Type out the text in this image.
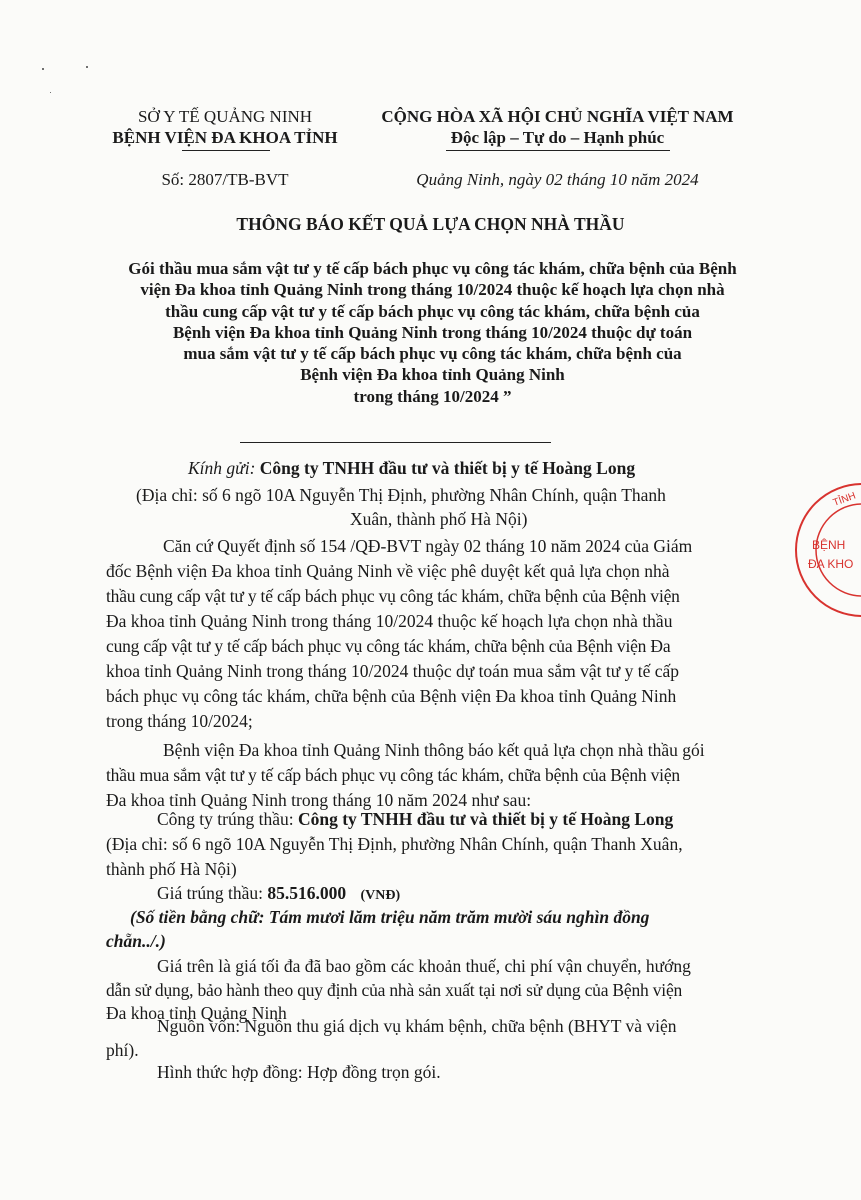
SỞ Y TẾ QUẢNG NINH
BỆNH VIỆN ĐA KHOA TỈNH
Số: 2807/TB-BVT
CỘNG HÒA XÃ HỘI CHỦ NGHĨA VIỆT NAM
Độc lập – Tự do – Hạnh phúc
Quảng Ninh, ngày 02 tháng 10 năm 2024
THÔNG BÁO KẾT QUẢ LỰA CHỌN NHÀ THẦU
Gói thầu mua sắm vật tư y tế cấp bách phục vụ công tác khám, chữa bệnh của Bệnh
viện Đa khoa tỉnh Quảng Ninh trong tháng 10/2024 thuộc kế hoạch lựa chọn nhà
thầu cung cấp vật tư y tế cấp bách phục vụ công tác khám, chữa bệnh của
Bệnh viện Đa khoa tỉnh Quảng Ninh trong tháng 10/2024 thuộc dự toán
mua sắm vật tư y tế cấp bách phục vụ công tác khám, chữa bệnh của
Bệnh viện Đa khoa tỉnh Quảng Ninh
trong tháng 10/2024 ”
Kính gửi: Công ty TNHH đầu tư và thiết bị y tế Hoàng Long
(Địa chỉ: số 6 ngõ 10A Nguyễn Thị Định, phường Nhân Chính, quận Thanh
Xuân, thành phố Hà Nội)
Căn cứ Quyết định số 154 /QĐ-BVT ngày 02 tháng 10 năm 2024 của Giám
đốc Bệnh viện Đa khoa tỉnh Quảng Ninh về việc phê duyệt kết quả lựa chọn nhà
thầu cung cấp vật tư y tế cấp bách phục vụ công tác khám, chữa bệnh của Bệnh viện
Đa khoa tỉnh Quảng Ninh trong tháng 10/2024 thuộc kế hoạch lựa chọn nhà thầu
cung cấp vật tư y tế cấp bách phục vụ công tác khám, chữa bệnh của Bệnh viện Đa
khoa tỉnh Quảng Ninh trong tháng 10/2024 thuộc dự toán mua sắm vật tư y tế cấp
bách phục vụ công tác khám, chữa bệnh của Bệnh viện Đa khoa tỉnh Quảng Ninh
trong tháng 10/2024;
Bệnh viện Đa khoa tỉnh Quảng Ninh thông báo kết quả lựa chọn nhà thầu gói
thầu mua sắm vật tư y tế cấp bách phục vụ công tác khám, chữa bệnh của Bệnh viện
Đa khoa tỉnh Quảng Ninh trong tháng 10 năm 2024 như sau:
Công ty trúng thầu: Công ty TNHH đầu tư và thiết bị y tế Hoàng Long
(Địa chỉ: số 6 ngõ 10A Nguyễn Thị Định, phường Nhân Chính, quận Thanh Xuân,
thành phố Hà Nội)
Giá trúng thầu: 85.516.000 (VNĐ)
(Số tiền bằng chữ: Tám mươi lăm triệu năm trăm mười sáu nghìn đồng
chẵn../.)
Giá trên là giá tối đa đã bao gồm các khoản thuế, chi phí vận chuyển, hướng
dẫn sử dụng, bảo hành theo quy định của nhà sản xuất tại nơi sử dụng của Bệnh viện
Đa khoa tỉnh Quảng Ninh
Nguồn vốn: Nguồn thu giá dịch vụ khám bệnh, chữa bệnh (BHYT và viện
phí).
Hình thức hợp đồng: Hợp đồng trọn gói.
TỈNH
BỆNH
ĐA KHO
